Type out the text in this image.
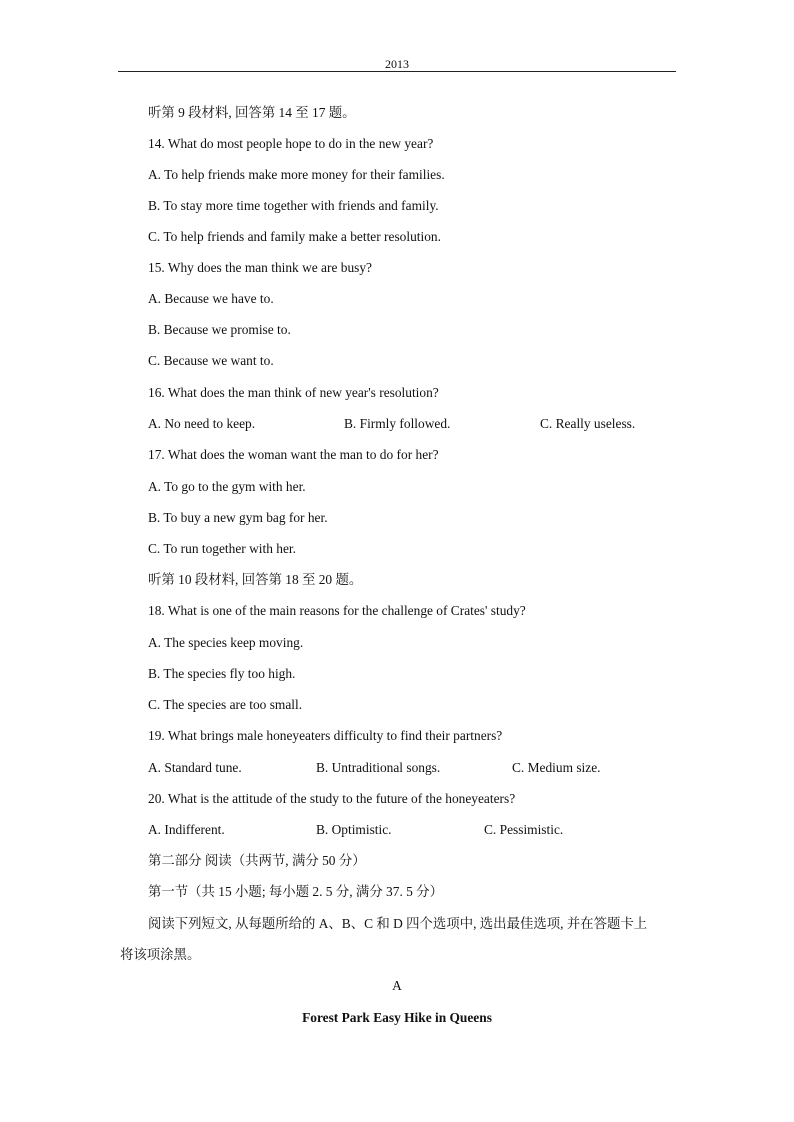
2013
听第 9 段材料, 回答第 14 至 17 题。
14. What do most people hope to do in the new year?
A. To help friends make more money for their families.
B. To stay more time together with friends and family.
C. To help friends and family make a better resolution.
15. Why does the man think we are busy?
A. Because we have to.
B. Because we promise to.
C. Because we want to.
16. What does the man think of new year's resolution?
A. No need to keep.	B. Firmly followed.	C. Really useless.
17. What does the woman want the man to do for her?
A. To go to the gym with her.
B. To buy a new gym bag for her.
C. To run together with her.
听第 10 段材料, 回答第 18 至 20 题。
18. What is one of the main reasons for the challenge of Crates' study?
A. The species keep moving.
B. The species fly too high.
C. The species are too small.
19. What brings male honeyeaters difficulty to find their partners?
A. Standard tune.	B. Untraditional songs.	C. Medium size.
20. What is the attitude of the study to the future of the honeyeaters?
A. Indifferent.	B. Optimistic.	C. Pessimistic.
第二部分 阅读（共两节, 满分 50 分）
第一节（共 15 小题; 每小题 2. 5 分, 满分 37. 5 分）
阅读下列短文, 从每题所给的 A、B、C 和 D 四个选项中, 选出最佳选项, 并在答题卡上
将该项涂黑。
A
Forest Park Easy Hike in Queens
